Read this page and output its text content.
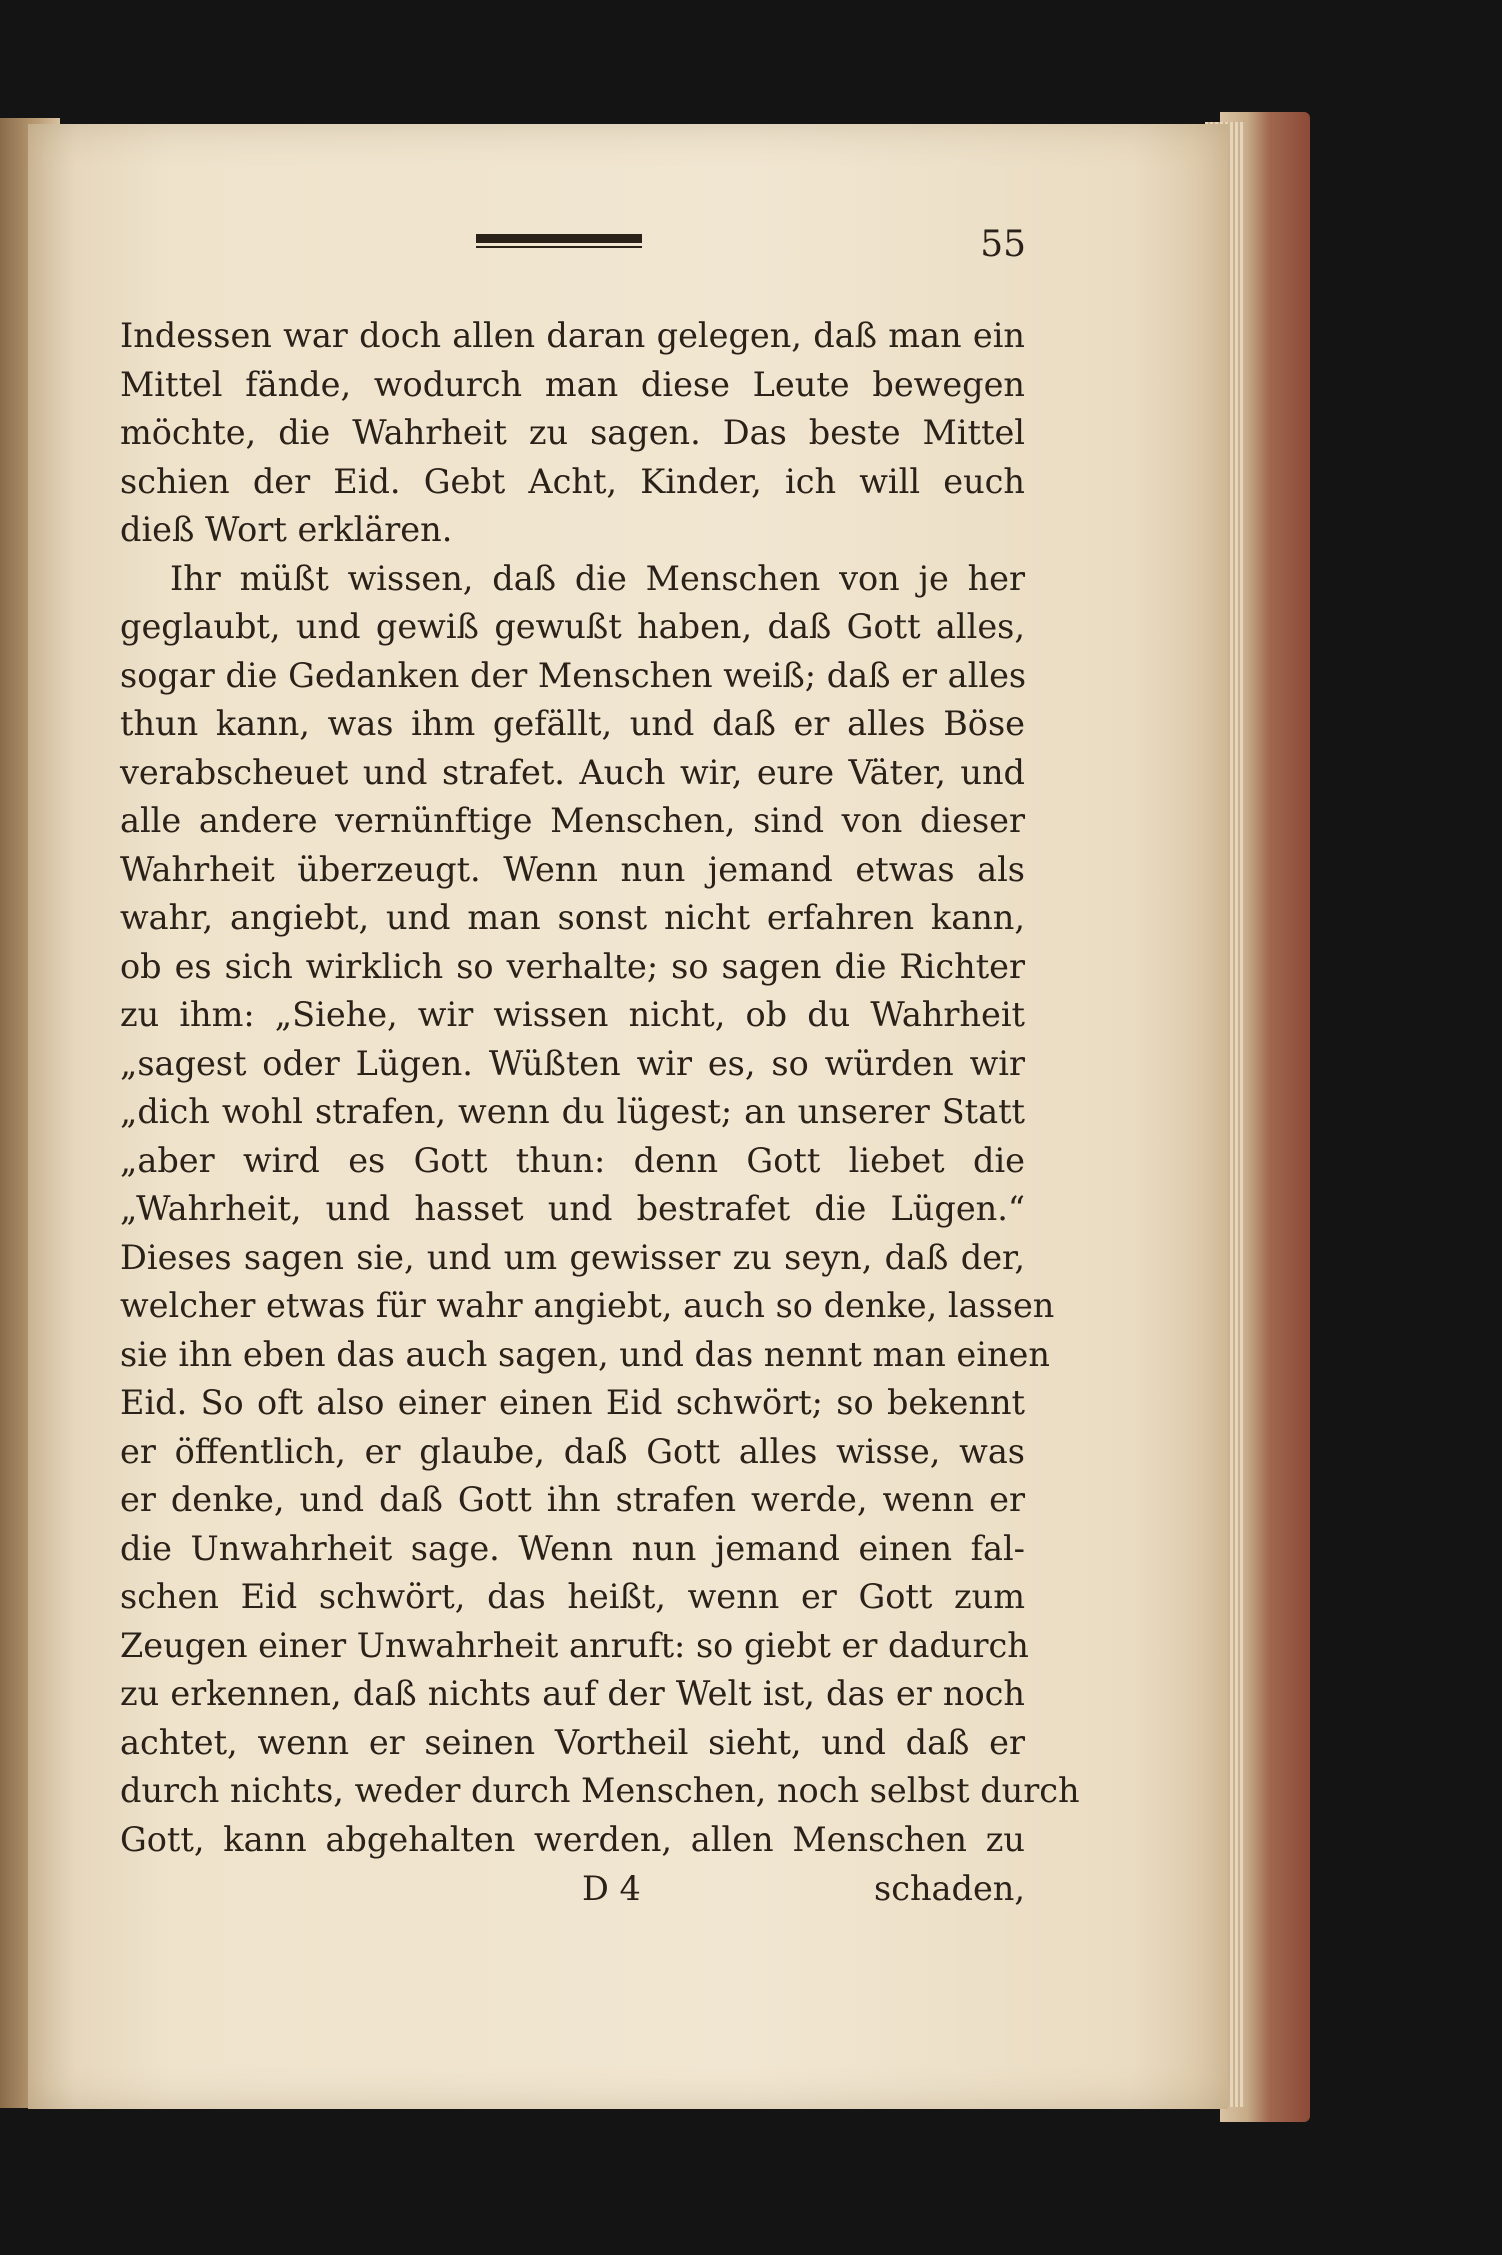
55
Indessen war doch allen daran gelegen, daß man ein
Mittel fände, wodurch man diese Leute bewegen
möchte, die Wahrheit zu sagen. Das beste Mittel
schien der Eid. Gebt Acht, Kinder, ich will euch
dieß Wort erklären.
Ihr müßt wissen, daß die Menschen von je her
geglaubt, und gewiß gewußt haben, daß Gott alles,
sogar die Gedanken der Menschen weiß; daß er alles
thun kann, was ihm gefällt, und daß er alles Böse
verabscheuet und strafet. Auch wir, eure Väter, und
alle andere vernünftige Menschen, sind von dieser
Wahrheit überzeugt. Wenn nun jemand etwas als
wahr, angiebt, und man sonst nicht erfahren kann,
ob es sich wirklich so verhalte; so sagen die Richter
zu ihm: „Siehe, wir wissen nicht, ob du Wahrheit
„sagest oder Lügen. Wüßten wir es, so würden wir
„dich wohl strafen, wenn du lügest; an unserer Statt
„aber wird es Gott thun: denn Gott liebet die
„Wahrheit, und hasset und bestrafet die Lügen.“
Dieses sagen sie, und um gewisser zu seyn, daß der,
welcher etwas für wahr angiebt, auch so denke, lassen
sie ihn eben das auch sagen, und das nennt man einen
Eid. So oft also einer einen Eid schwört; so bekennt
er öffentlich, er glaube, daß Gott alles wisse, was
er denke, und daß Gott ihn strafen werde, wenn er
die Unwahrheit sage. Wenn nun jemand einen fal-
schen Eid schwört, das heißt, wenn er Gott zum
Zeugen einer Unwahrheit anruft: so giebt er dadurch
zu erkennen, daß nichts auf der Welt ist, das er noch
achtet, wenn er seinen Vortheil sieht, und daß er
durch nichts, weder durch Menschen, noch selbst durch
Gott, kann abgehalten werden, allen Menschen zu
D 4	schaden,
